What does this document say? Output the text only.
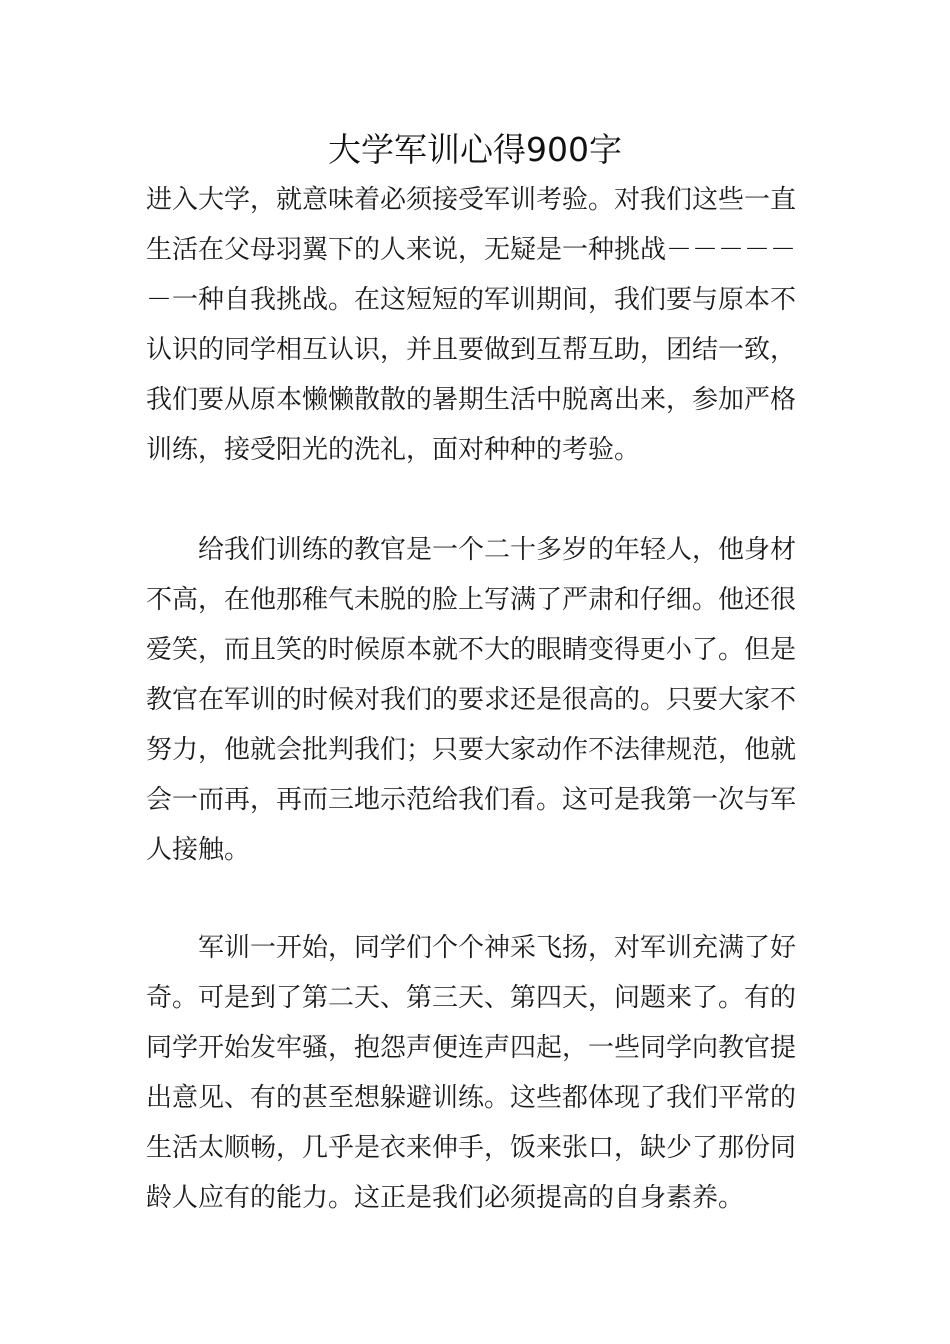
大学军训心得900字
进入大学，就意味着必须接受军训考验。对我们这些一直
生活在父母羽翼下的人来说，无疑是一种挑战－－－－－
－一种自我挑战。在这短短的军训期间，我们要与原本不
认识的同学相互认识，并且要做到互帮互助，团结一致，
我们要从原本懒懒散散的暑期生活中脱离出来，参加严格
训练，接受阳光的洗礼，面对种种的考验。
　　给我们训练的教官是一个二十多岁的年轻人，他身材
不高，在他那稚气未脱的脸上写满了严肃和仔细。他还很
爱笑，而且笑的时候原本就不大的眼睛变得更小了。但是
教官在军训的时候对我们的要求还是很高的。只要大家不
努力，他就会批判我们；只要大家动作不法律规范，他就
会一而再，再而三地示范给我们看。这可是我第一次与军
人接触。
　　军训一开始，同学们个个神采飞扬，对军训充满了好
奇。可是到了第二天、第三天、第四天，问题来了。有的
同学开始发牢骚，抱怨声便连声四起，一些同学向教官提
出意见、有的甚至想躲避训练。这些都体现了我们平常的
生活太顺畅，几乎是衣来伸手，饭来张口，缺少了那份同
龄人应有的能力。这正是我们必须提高的自身素养。
